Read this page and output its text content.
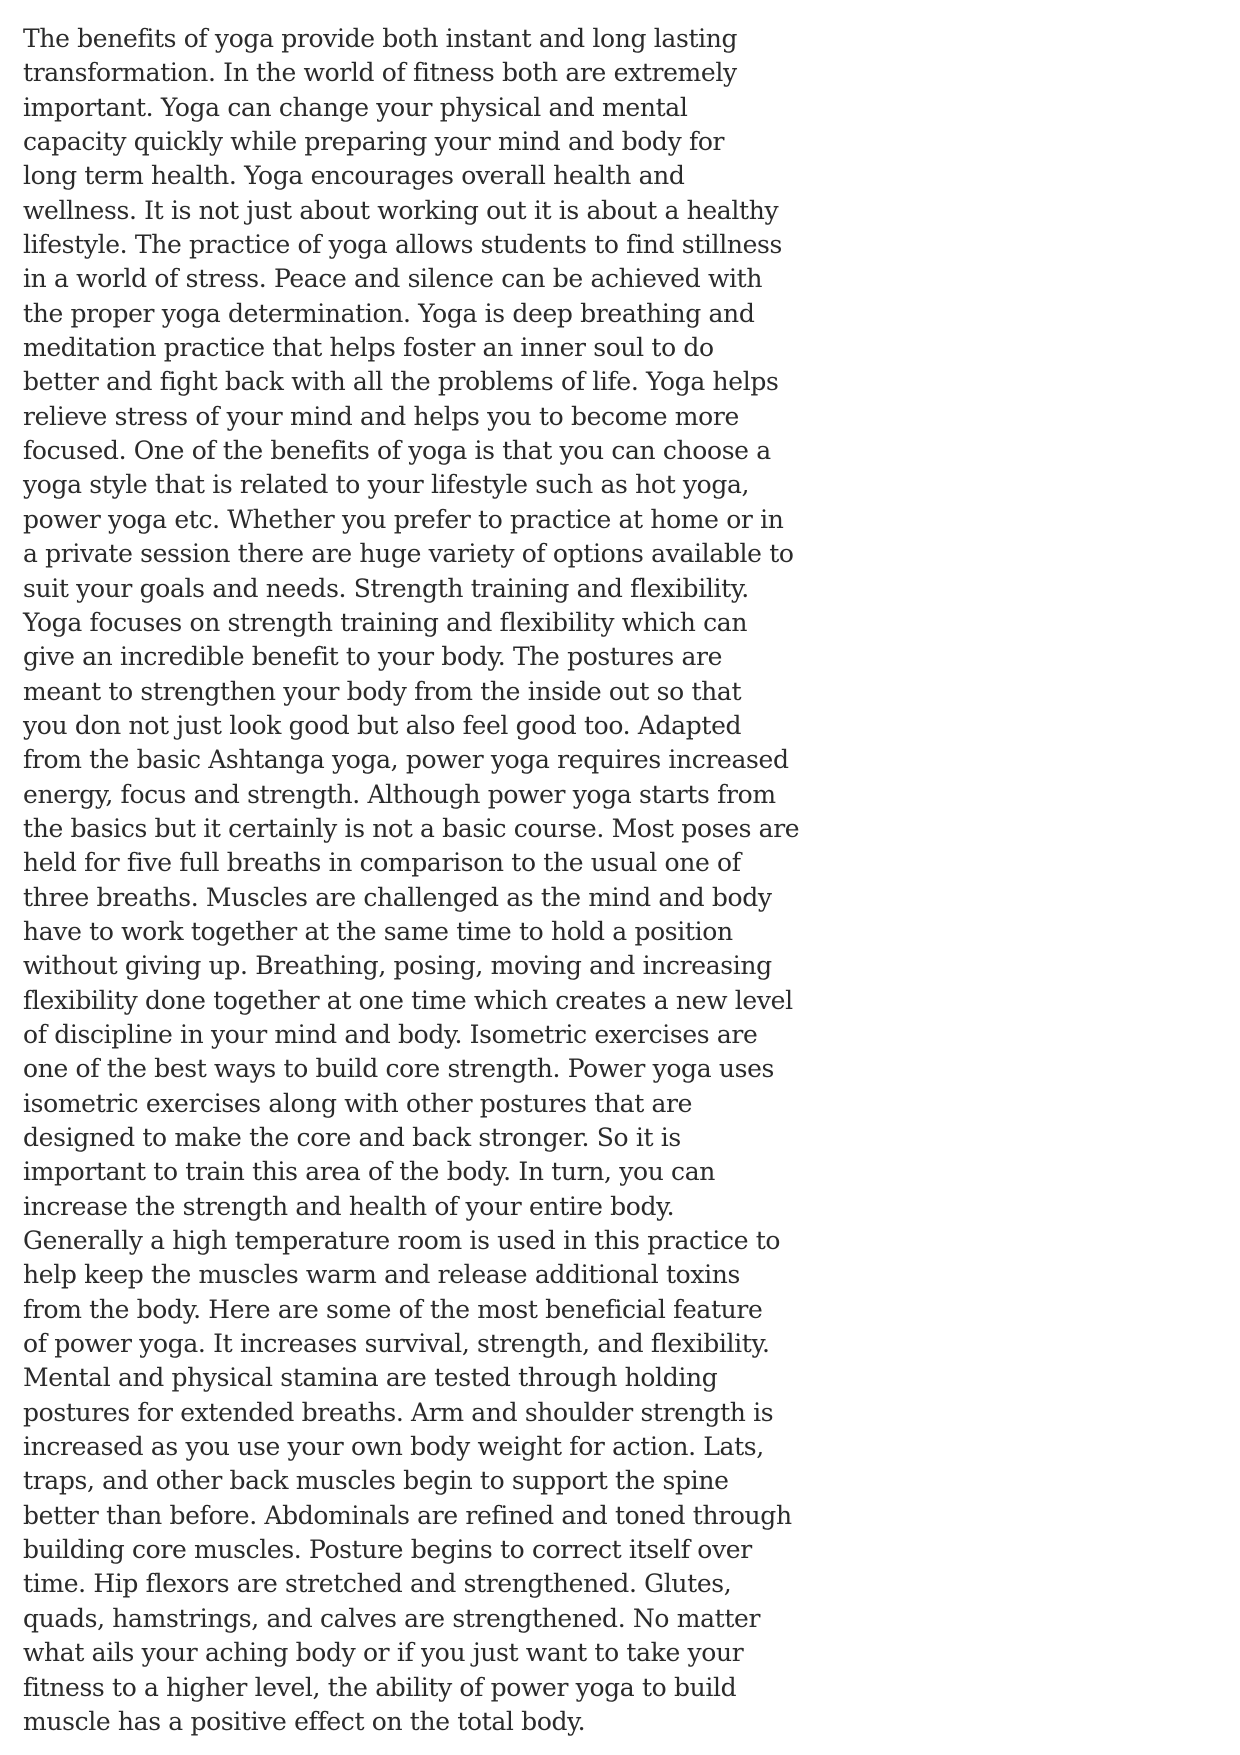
The benefits of yoga provide both instant and long lasting
transformation. In the world of fitness both are extremely
important. Yoga can change your physical and mental
capacity quickly while preparing your mind and body for
long term health. Yoga encourages overall health and
wellness. It is not just about working out it is about a healthy
lifestyle. The practice of yoga allows students to find stillness
in a world of stress. Peace and silence can be achieved with
the proper yoga determination. Yoga is deep breathing and
meditation practice that helps foster an inner soul to do
better and fight back with all the problems of life. Yoga helps
relieve stress of your mind and helps you to become more
focused. One of the benefits of yoga is that you can choose a
yoga style that is related to your lifestyle such as hot yoga,
power yoga etc. Whether you prefer to practice at home or in
a private session there are huge variety of options available to
suit your goals and needs. Strength training and flexibility.
Yoga focuses on strength training and flexibility which can
give an incredible benefit to your body. The postures are
meant to strengthen your body from the inside out so that
you don not just look good but also feel good too. Adapted
from the basic Ashtanga yoga, power yoga requires increased
energy, focus and strength. Although power yoga starts from
the basics but it certainly is not a basic course. Most poses are
held for five full breaths in comparison to the usual one of
three breaths. Muscles are challenged as the mind and body
have to work together at the same time to hold a position
without giving up. Breathing, posing, moving and increasing
flexibility done together at one time which creates a new level
of discipline in your mind and body. Isometric exercises are
one of the best ways to build core strength. Power yoga uses
isometric exercises along with other postures that are
designed to make the core and back stronger. So it is
important to train this area of the body. In turn, you can
increase the strength and health of your entire body.
Generally a high temperature room is used in this practice to
help keep the muscles warm and release additional toxins
from the body. Here are some of the most beneficial feature
of power yoga. It increases survival, strength, and flexibility.
Mental and physical stamina are tested through holding
postures for extended breaths. Arm and shoulder strength is
increased as you use your own body weight for action. Lats,
traps, and other back muscles begin to support the spine
better than before. Abdominals are refined and toned through
building core muscles. Posture begins to correct itself over
time. Hip flexors are stretched and strengthened. Glutes,
quads, hamstrings, and calves are strengthened. No matter
what ails your aching body or if you just want to take your
fitness to a higher level, the ability of power yoga to build
muscle has a positive effect on the total body.
